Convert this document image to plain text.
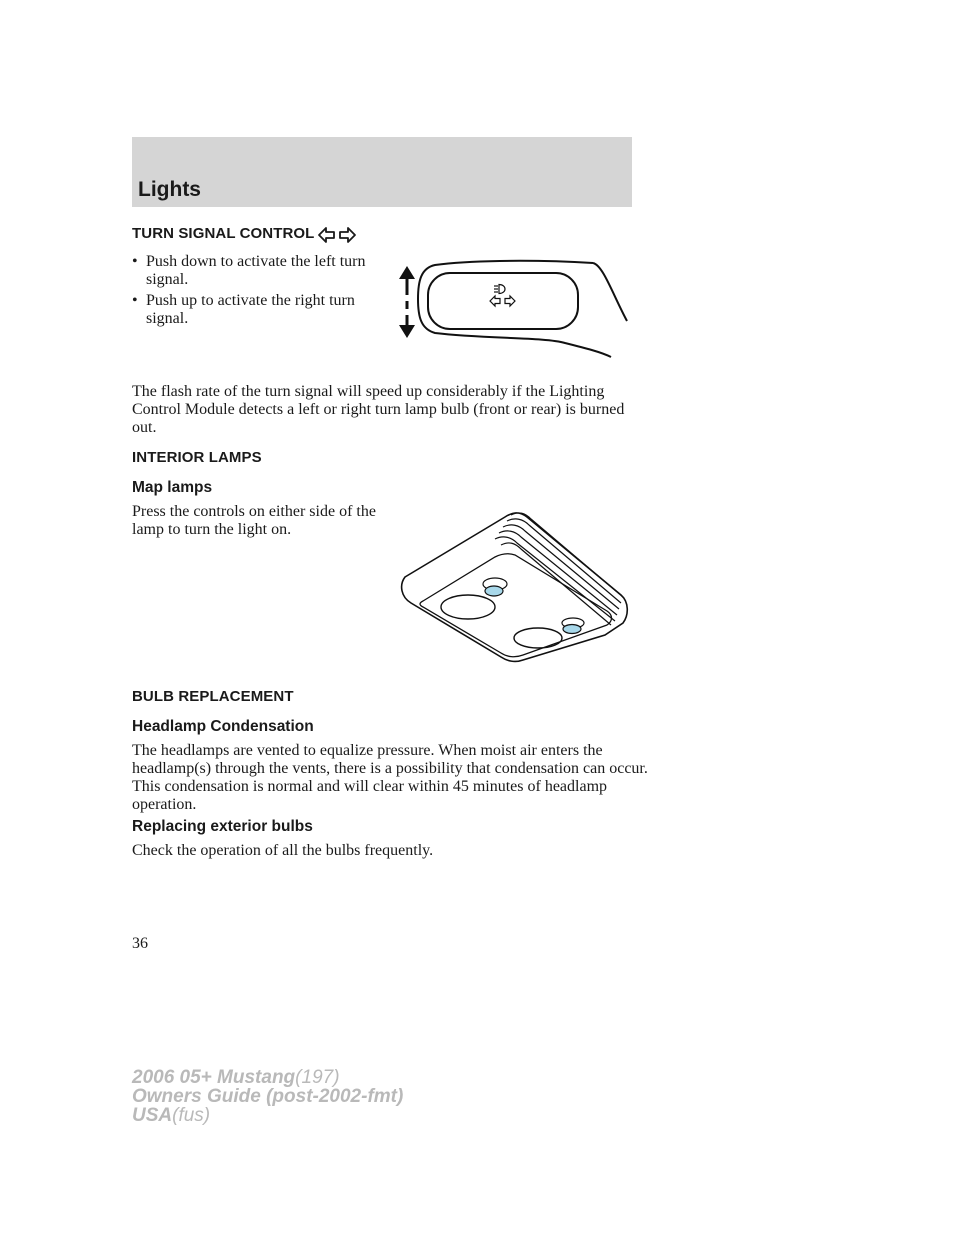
Lights
TURN SIGNAL CONTROL
• Push down to activate the left turn signal.
• Push up to activate the right turn signal.

The flash rate of the turn signal will speed up considerably if the Lighting Control Module detects a left or right turn lamp bulb (front or rear) is burned out.

INTERIOR LAMPS
Map lamps

Press the controls on either side of the lamp to turn the light on.

BULB REPLACEMENT
Headlamp Condensation

The headlamps are vented to equalize pressure. When moist air enters the headlamp(s) through the vents, there is a possibility that condensation can occur. This condensation is normal and will clear within 45 minutes of headlamp operation.

Replacing exterior bulbs

Check the operation of all the bulbs frequently.

36
2006 05+ Mustang(197)
Owners Guide (post-2002-fmt)
USA(fus)
